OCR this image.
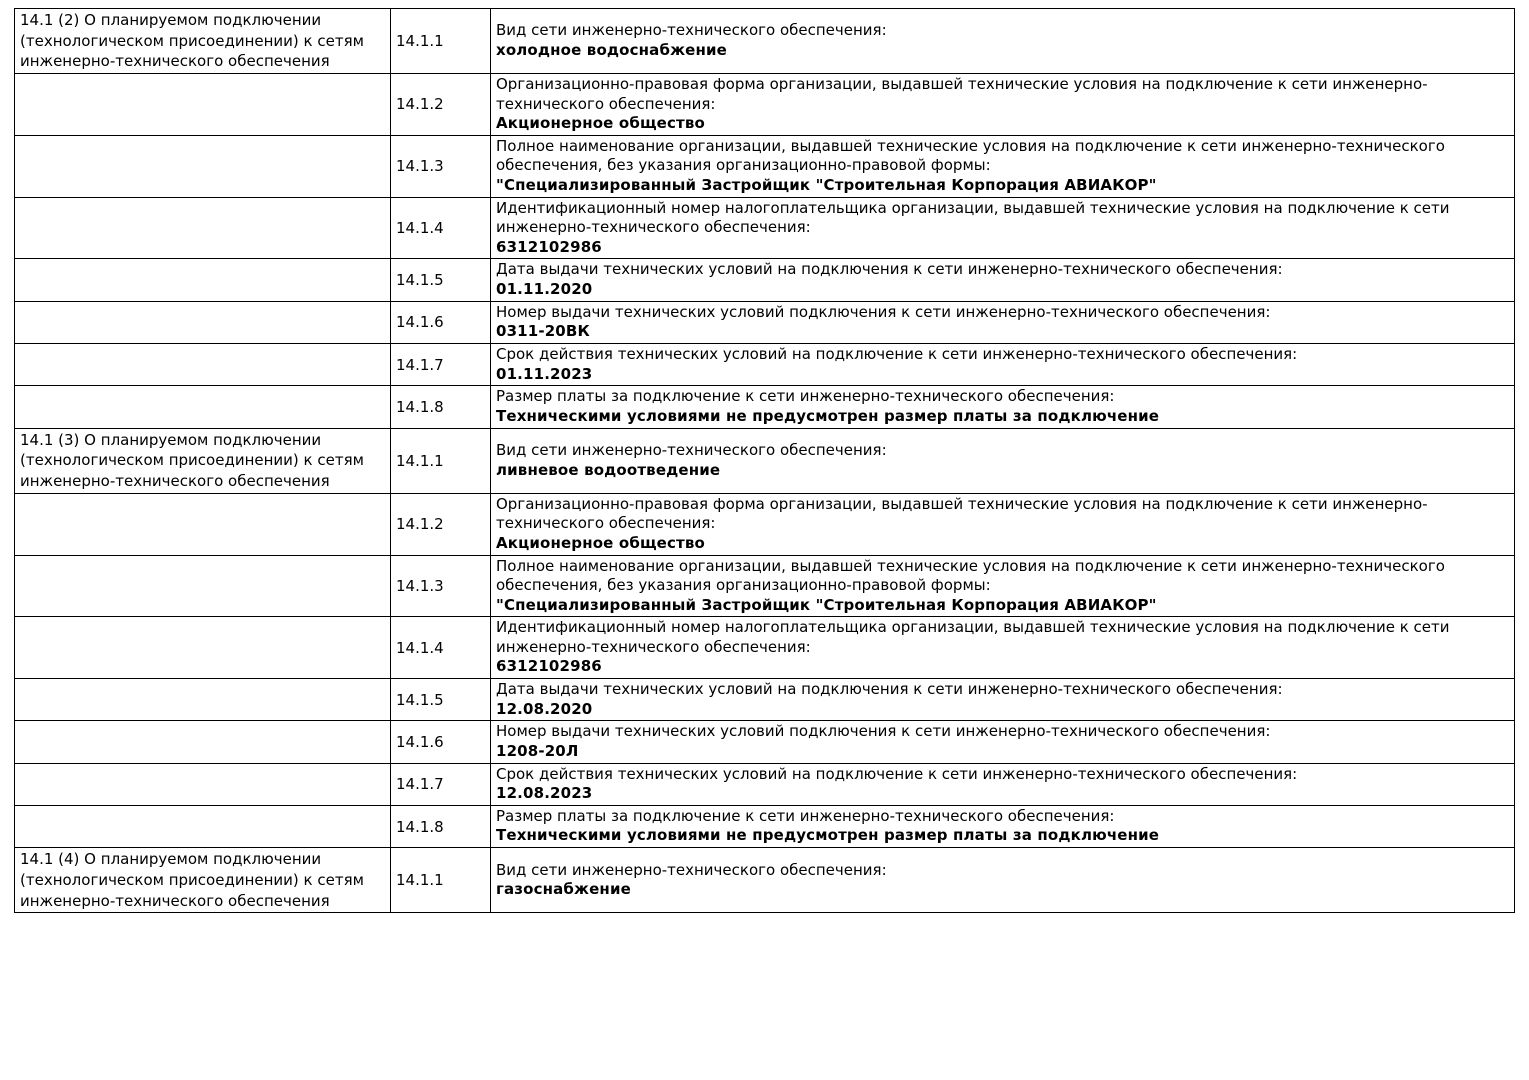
14.1 (2) О планируемом подключении (технологическом присоединении) к сетям инженерно-технического обеспечения	14.1.1	Вид сети инженерно-технического обеспечения:
холодное водоснабжение

	14.1.2	Организационно-правовая форма организации, выдавшей технические условия на подключение к сети инженерно-технического обеспечения:
Акционерное общество

	14.1.3	Полное наименование организации, выдавшей технические условия на подключение к сети инженерно-технического обеспечения, без указания организационно-правовой формы:
"Специализированный Застройщик "Строительная Корпорация АВИАКОР"

	14.1.4	Идентификационный номер налогоплательщика организации, выдавшей технические условия на подключение к сети инженерно-технического обеспечения:
6312102986

	14.1.5	Дата выдачи технических условий на подключения к сети инженерно-технического обеспечения:
01.11.2020

	14.1.6	Номер выдачи технических условий подключения к сети инженерно-технического обеспечения:
0311-20ВК

	14.1.7	Срок действия технических условий на подключение к сети инженерно-технического обеспечения:
01.11.2023

	14.1.8	Размер платы за подключение к сети инженерно-технического обеспечения:
Техническими условиями не предусмотрен размер платы за подключение

14.1 (3) О планируемом подключении (технологическом присоединении) к сетям инженерно-технического обеспечения	14.1.1	Вид сети инженерно-технического обеспечения:
ливневое водоотведение

	14.1.2	Организационно-правовая форма организации, выдавшей технические условия на подключение к сети инженерно-технического обеспечения:
Акционерное общество

	14.1.3	Полное наименование организации, выдавшей технические условия на подключение к сети инженерно-технического обеспечения, без указания организационно-правовой формы:
"Специализированный Застройщик "Строительная Корпорация АВИАКОР"

	14.1.4	Идентификационный номер налогоплательщика организации, выдавшей технические условия на подключение к сети инженерно-технического обеспечения:
6312102986

	14.1.5	Дата выдачи технических условий на подключения к сети инженерно-технического обеспечения:
12.08.2020

	14.1.6	Номер выдачи технических условий подключения к сети инженерно-технического обеспечения:
1208-20Л

	14.1.7	Срок действия технических условий на подключение к сети инженерно-технического обеспечения:
12.08.2023

	14.1.8	Размер платы за подключение к сети инженерно-технического обеспечения:
Техническими условиями не предусмотрен размер платы за подключение

14.1 (4) О планируемом подключении (технологическом присоединении) к сетям инженерно-технического обеспечения	14.1.1	Вид сети инженерно-технического обеспечения:
газоснабжение
